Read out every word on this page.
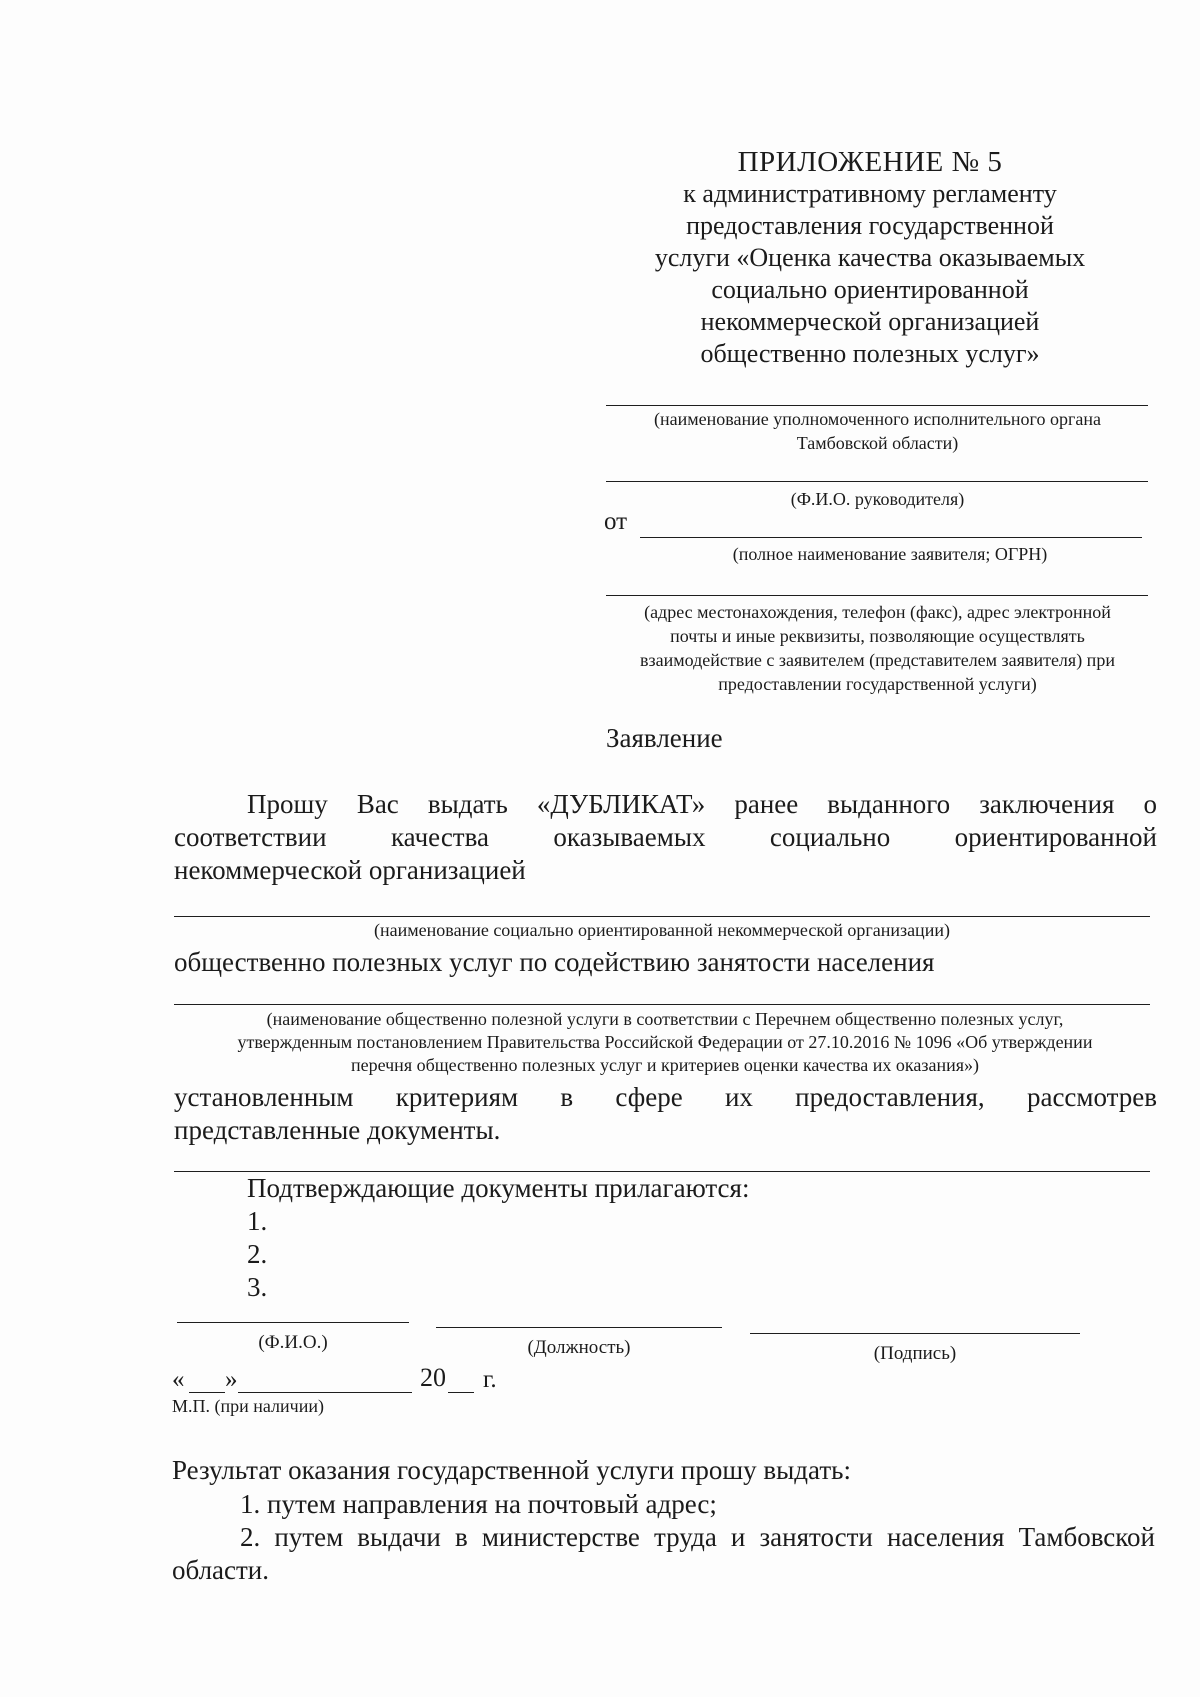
ПРИЛОЖЕНИЕ № 5
к административному регламенту
предоставления государственной
услуги «Оценка качества оказываемых
социально ориентированной
некоммерческой организацией
общественно полезных услуг»
(наименование уполномоченного исполнительного органа
Тамбовской области)
(Ф.И.О. руководителя)
от
(полное наименование заявителя; ОГРН)
(адрес местонахождения, телефон (факс), адрес электронной
почты и иные реквизиты, позволяющие осуществлять
взаимодействие с заявителем (представителем заявителя) при
предоставлении государственной услуги)
Заявление
Прошу Вас выдать «ДУБЛИКАТ» ранее выданного заключения о
соответствии качества оказываемых социально ориентированной
некоммерческой организацией
(наименование социально ориентированной некоммерческой организации)
общественно полезных услуг по содействию занятости населения
(наименование общественно полезной услуги в соответствии с Перечнем общественно полезных услуг,
утвержденным постановлением Правительства Российской Федерации от 27.10.2016 № 1096 «Об утверждении
перечня общественно полезных услуг и критериев оценки качества их оказания»)
установленным критериям в сфере их предоставления, рассмотрев
представленные документы.
Подтверждающие документы прилагаются:
1.
2.
3.
(Ф.И.О.)	(Должность)	(Подпись)
« »	20 г.
М.П. (при наличии)
Результат оказания государственной услуги прошу выдать:
1. путем направления на почтовый адрес;
2. путем выдачи в министерстве труда и занятости населения Тамбовской
области.
